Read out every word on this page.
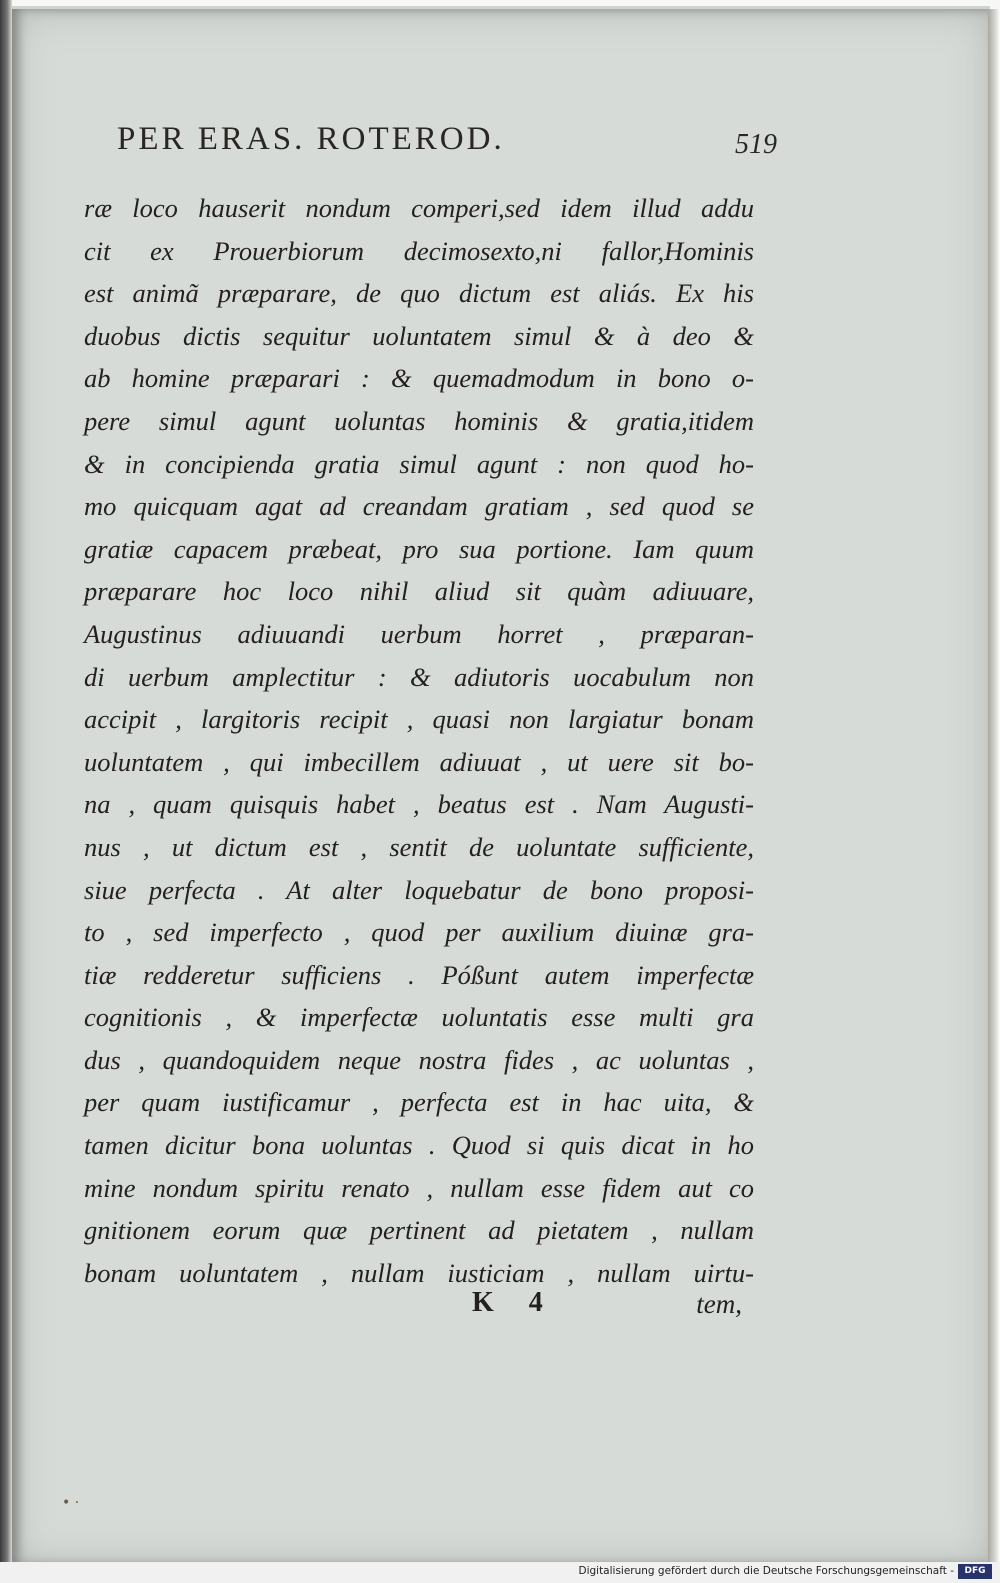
PER ERAS. ROTEROD.	519
ræ loco hauserit nondum comperi,sed idem illud addu
cit ex Prouerbiorum decimosexto,ni fallor,Hominis
est animã præparare, de quo dictum est aliás. Ex his
duobus dictis sequitur uoluntatem simul & à deo &
ab homine præparari : & quemadmodum in bono o-
pere simul agunt uoluntas hominis & gratia,itidem
& in concipienda gratia simul agunt : non quod ho-
mo quicquam agat ad creandam gratiam , sed quod se
gratiæ capacem præbeat, pro sua portione. Iam quum
præparare hoc loco nihil aliud sit quàm adiuuare,
Augustinus adiuuandi uerbum horret , præparan-
di uerbum amplectitur : & adiutoris uocabulum non
accipit , largitoris recipit , quasi non largiatur bonam
uoluntatem , qui imbecillem adiuuat , ut uere sit bo-
na , quam quisquis habet , beatus est . Nam Augusti-
nus , ut dictum est , sentit de uoluntate sufficiente,
siue perfecta . At alter loquebatur de bono proposi-
to , sed imperfecto , quod per auxilium diuinæ gra-
tiæ redderetur sufficiens . Póßunt autem imperfectæ
cognitionis , & imperfectæ uoluntatis esse multi gra
dus , quandoquidem neque nostra fides , ac uoluntas ,
per quam iustificamur , perfecta est in hac uita, &
tamen dicitur bona uoluntas . Quod si quis dicat in ho
mine nondum spiritu renato , nullam esse fidem aut co
gnitionem eorum quæ pertinent ad pietatem , nullam
bonam uoluntatem , nullam iusticiam , nullam uirtu-
K 4	tem,
• ·
Digitalisierung gefördert durch die Deutsche Forschungsgemeinschaft -	DFG
